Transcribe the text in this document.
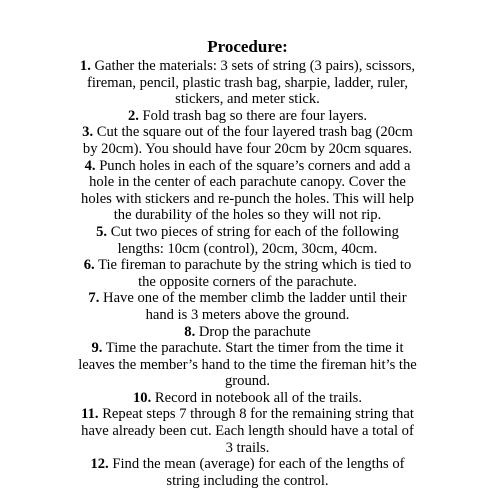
Procedure:
1. Gather the materials: 3 sets of string (3 pairs), scissors,
fireman, pencil, plastic trash bag, sharpie, ladder, ruler,
stickers, and meter stick.
2. Fold trash bag so there are four layers.
3. Cut the square out of the four layered trash bag (20cm
by 20cm). You should have four 20cm by 20cm squares.
4. Punch holes in each of the square’s corners and add a
hole in the center of each parachute canopy. Cover the
holes with stickers and re-punch the holes. This will help
the durability of the holes so they will not rip.
5. Cut two pieces of string for each of the following
lengths: 10cm (control), 20cm, 30cm, 40cm.
6. Tie fireman to parachute by the string which is tied to
the opposite corners of the parachute.
7. Have one of the member climb the ladder until their
hand is 3 meters above the ground.
8. Drop the parachute
9. Time the parachute. Start the timer from the time it
leaves the member’s hand to the time the fireman hit’s the
ground.
10. Record in notebook all of the trails.
11. Repeat steps 7 through 8 for the remaining string that
have already been cut. Each length should have a total of
3 trails.
12. Find the mean (average) for each of the lengths of
string including the control.
